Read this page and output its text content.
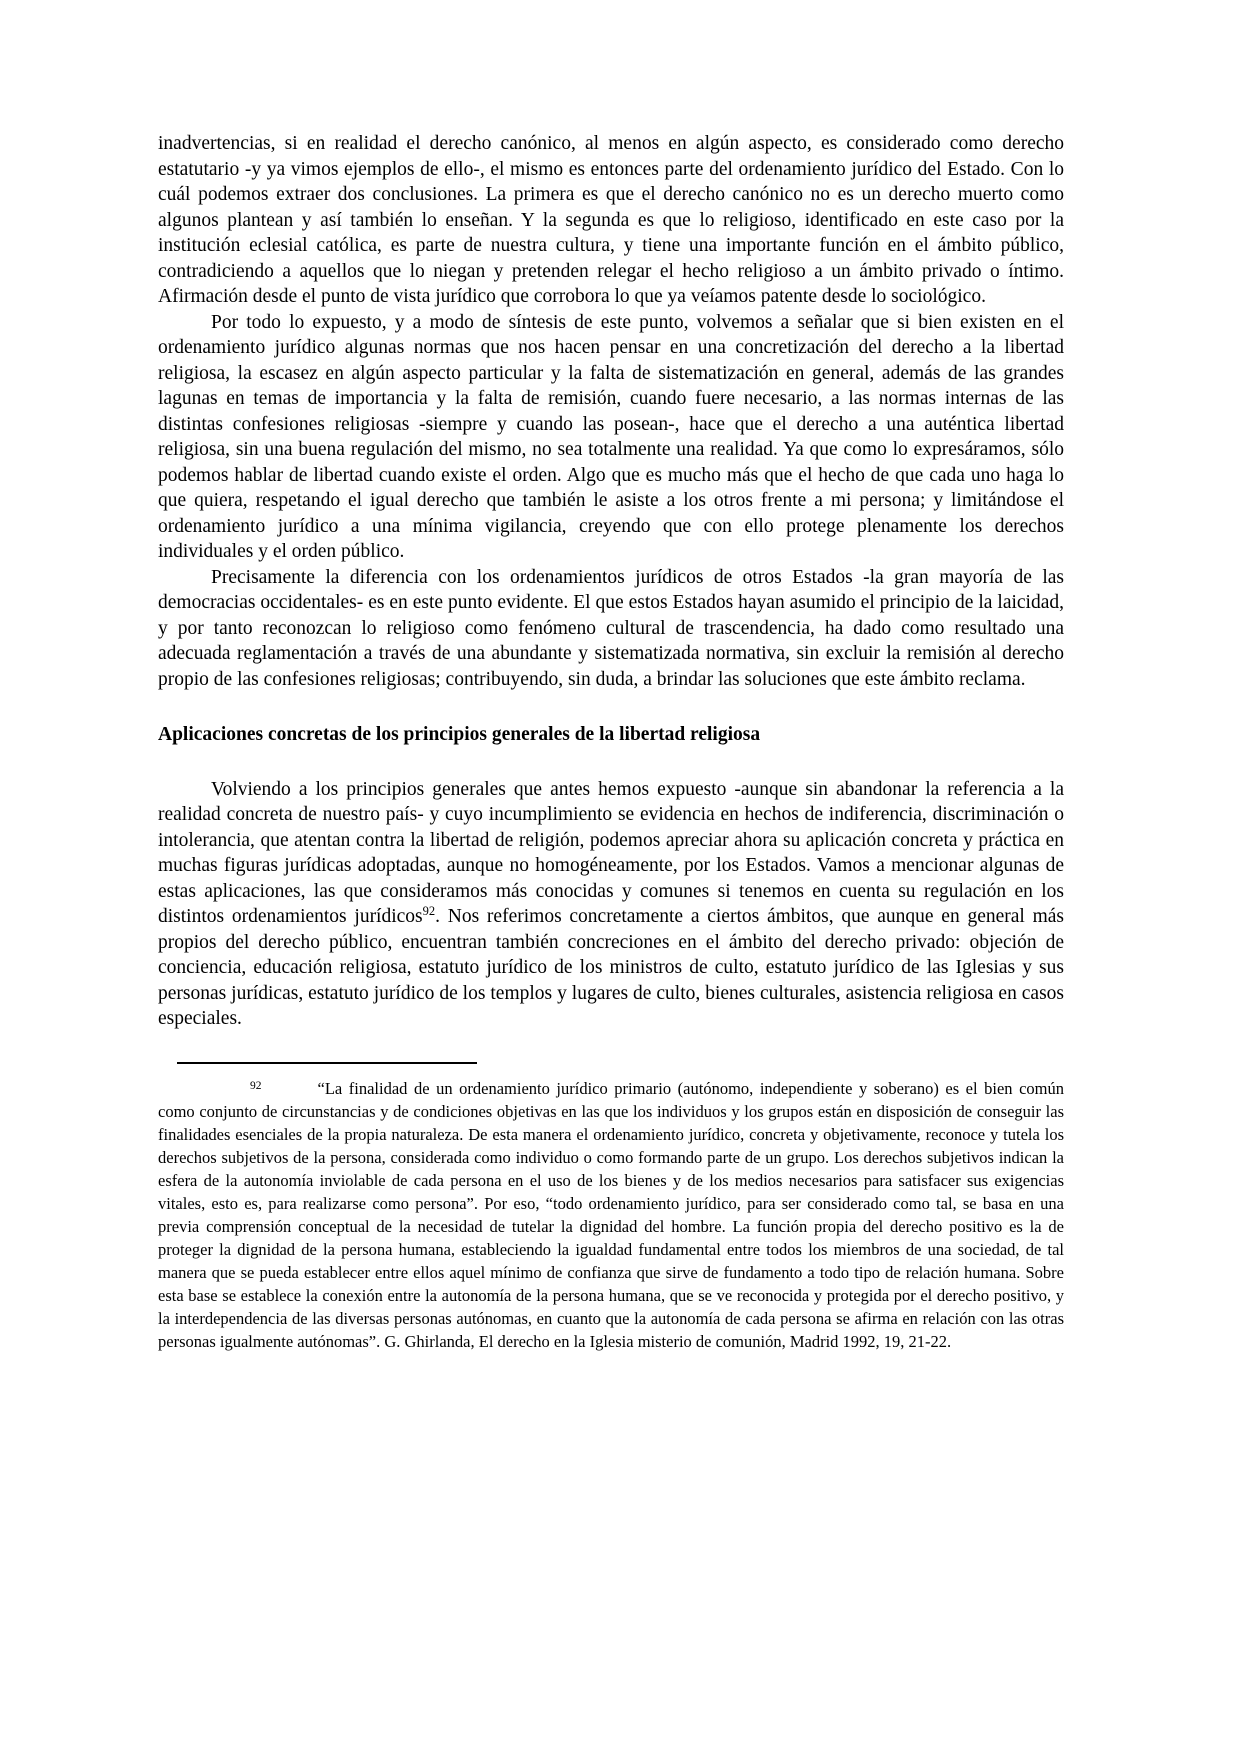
inadvertencias, si en realidad el derecho canónico, al menos en algún aspecto, es considerado como derecho estatutario -y ya vimos ejemplos de ello-, el mismo es entonces parte del ordenamiento jurídico del Estado. Con lo cuál podemos extraer dos conclusiones. La primera es que el derecho canónico no es un derecho muerto como algunos plantean y así también lo enseñan. Y la segunda es que lo religioso, identificado en este caso por la institución eclesial católica, es parte de nuestra cultura, y tiene una importante función en el ámbito público, contradiciendo a aquellos que lo niegan y pretenden relegar el hecho religioso a un ámbito privado o íntimo. Afirmación desde el punto de vista jurídico que corrobora lo que ya veíamos patente desde lo sociológico.

Por todo lo expuesto, y a modo de síntesis de este punto, volvemos a señalar que si bien existen en el ordenamiento jurídico algunas normas que nos hacen pensar en una concretización del derecho a la libertad religiosa, la escasez en algún aspecto particular y la falta de sistematización en general, además de las grandes lagunas en temas de importancia y la falta de remisión, cuando fuere necesario, a las normas internas de las distintas confesiones religiosas -siempre y cuando las posean-, hace que el derecho a una auténtica libertad religiosa, sin una buena regulación del mismo, no sea totalmente una realidad. Ya que como lo expresáramos, sólo podemos hablar de libertad cuando existe el orden. Algo que es mucho más que el hecho de que cada uno haga lo que quiera, respetando el igual derecho que también le asiste a los otros frente a mi persona; y limitándose el ordenamiento jurídico a una mínima vigilancia, creyendo que con ello protege plenamente los derechos individuales y el orden público.

Precisamente la diferencia con los ordenamientos jurídicos de otros Estados -la gran mayoría de las democracias occidentales- es en este punto evidente. El que estos Estados hayan asumido el principio de la laicidad, y por tanto reconozcan lo religioso como fenómeno cultural de trascendencia, ha dado como resultado una adecuada reglamentación a través de una abundante y sistematizada normativa, sin excluir la remisión al derecho propio de las confesiones religiosas; contribuyendo, sin duda, a brindar las soluciones que este ámbito reclama.

Aplicaciones concretas de los principios generales de la libertad religiosa

Volviendo a los principios generales que antes hemos expuesto -aunque sin abandonar la referencia a la realidad concreta de nuestro país- y cuyo incumplimiento se evidencia en hechos de indiferencia, discriminación o intolerancia, que atentan contra la libertad de religión, podemos apreciar ahora su aplicación concreta y práctica en muchas figuras jurídicas adoptadas, aunque no homogéneamente, por los Estados. Vamos a mencionar algunas de estas aplicaciones, las que consideramos más conocidas y comunes si tenemos en cuenta su regulación en los distintos ordenamientos jurídicos$^{92}$. Nos referimos concretamente a ciertos ámbitos, que aunque en general más propios del derecho público, encuentran también concreciones en el ámbito del derecho privado: objeción de conciencia, educación religiosa, estatuto jurídico de los ministros de culto, estatuto jurídico de las Iglesias y sus personas jurídicas, estatuto jurídico de los templos y lugares de culto, bienes culturales, asistencia religiosa en casos especiales.

$^{92}$	“La finalidad de un ordenamiento jurídico primario (autónomo, independiente y soberano) es el bien común como conjunto de circunstancias y de condiciones objetivas en las que los individuos y los grupos están en disposición de conseguir las finalidades esenciales de la propia naturaleza. De esta manera el ordenamiento jurídico, concreta y objetivamente, reconoce y tutela los derechos subjetivos de la persona, considerada como individuo o como formando parte de un grupo. Los derechos subjetivos indican la esfera de la autonomía inviolable de cada persona en el uso de los bienes y de los medios necesarios para satisfacer sus exigencias vitales, esto es, para realizarse como persona”. Por eso, “todo ordenamiento jurídico, para ser considerado como tal, se basa en una previa comprensión conceptual de la necesidad de tutelar la dignidad del hombre. La función propia del derecho positivo es la de proteger la dignidad de la persona humana, estableciendo la igualdad fundamental entre todos los miembros de una sociedad, de tal manera que se pueda establecer entre ellos aquel mínimo de confianza que sirve de fundamento a todo tipo de relación humana. Sobre esta base se establece la conexión entre la autonomía de la persona humana, que se ve reconocida y protegida por el derecho positivo, y la interdependencia de las diversas personas autónomas, en cuanto que la autonomía de cada persona se afirma en relación con las otras personas igualmente autónomas”. G. Ghirlanda, El derecho en la Iglesia misterio de comunión, Madrid 1992, 19, 21-22.
